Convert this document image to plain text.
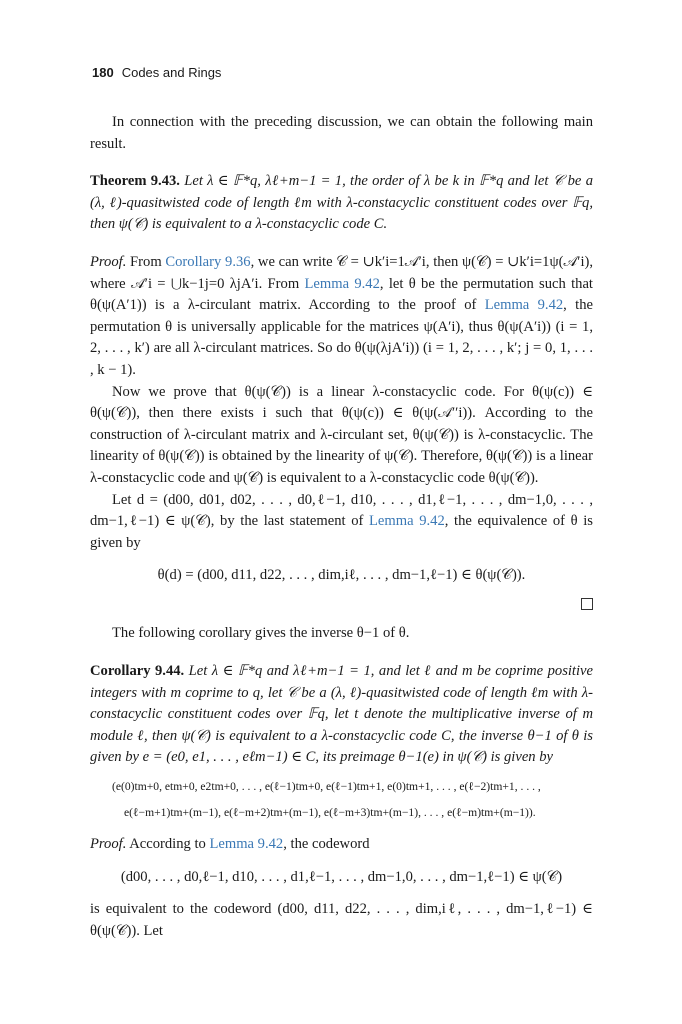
180 Codes and Rings

In connection with the preceding discussion, we can obtain the following main result.

Theorem 9.43. Let λ ∈ 𝔽*q, λℓ+m−1 = 1, the order of λ be k in 𝔽*q and let 𝒞 be a (λ, ℓ)-quasitwisted code of length ℓm with λ-constacyclic constituent codes over 𝔽q, then ψ(𝒞) is equivalent to a λ-constacyclic code C.

Proof. From Corollary 9.36, we can write 𝒞 = ∪k′i=1𝒜′i, then ψ(𝒞) = ∪k′i=1ψ(𝒜′i), where 𝒜′i = ⋃k−1j=0 λjA′i. From Lemma 9.42, let θ be the permutation such that θ(ψ(A′1)) is a λ-circulant matrix. According to the proof of Lemma 9.42, the permutation θ is universally applicable for the matrices ψ(A′i), thus θ(ψ(A′i)) (i = 1, 2, . . . , k′) are all λ-circulant matrices. So do θ(ψ(λjA′i)) (i = 1, 2, . . . , k′; j = 0, 1, . . . , k − 1).

Now we prove that θ(ψ(𝒞)) is a linear λ-constacyclic code. For θ(ψ(c)) ∈ θ(ψ(𝒞)), then there exists i such that θ(ψ(c)) ∈ θ(ψ(𝒜′′i)). According to the construction of λ-circulant matrix and λ-circulant set, θ(ψ(𝒞)) is λ-constacyclic. The linearity of θ(ψ(𝒞)) is obtained by the linearity of ψ(𝒞). Therefore, θ(ψ(𝒞)) is a linear λ-constacyclic code and ψ(𝒞) is equivalent to a λ-constacyclic code θ(ψ(𝒞)).

Let d = (d00, d01, d02, . . . , d0,ℓ−1, d10, . . . , d1,ℓ−1, . . . , dm−1,0, . . . , dm−1,ℓ−1) ∈ ψ(𝒞), by the last statement of Lemma 9.42, the equivalence of θ is given by

θ(d) = (d00, d11, d22, . . . , dim,iℓ, . . . , dm−1,ℓ−1) ∈ θ(ψ(𝒞)).

The following corollary gives the inverse θ−1 of θ.

Corollary 9.44. Let λ ∈ 𝔽*q and λℓ+m−1 = 1, and let ℓ and m be coprime positive integers with m coprime to q, let 𝒞 be a (λ, ℓ)-quasitwisted code of length ℓm with λ-constacyclic constituent codes over 𝔽q, let t denote the multiplicative inverse of m module ℓ, then ψ(𝒞) is equivalent to a λ-constacyclic code C, the inverse θ−1 of θ is given by e = (e0, e1, . . . , eℓm−1) ∈ C, its preimage θ−1(e) in ψ(𝒞) is given by

(e(0)tm+0, etm+0, e2tm+0, . . . , e(ℓ−1)tm+0, e(ℓ−1)tm+1, e(0)tm+1, . . . , e(ℓ−2)tm+1, . . . ,

e(ℓ−m+1)tm+(m−1), e(ℓ−m+2)tm+(m−1), e(ℓ−m+3)tm+(m−1), . . . , e(ℓ−m)tm+(m−1)).

Proof. According to Lemma 9.42, the codeword

(d00, . . . , d0,ℓ−1, d10, . . . , d1,ℓ−1, . . . , dm−1,0, . . . , dm−1,ℓ−1) ∈ ψ(𝒞)

is equivalent to the codeword (d00, d11, d22, . . . , dim,iℓ, . . . , dm−1,ℓ−1) ∈ θ(ψ(𝒞)). Let
